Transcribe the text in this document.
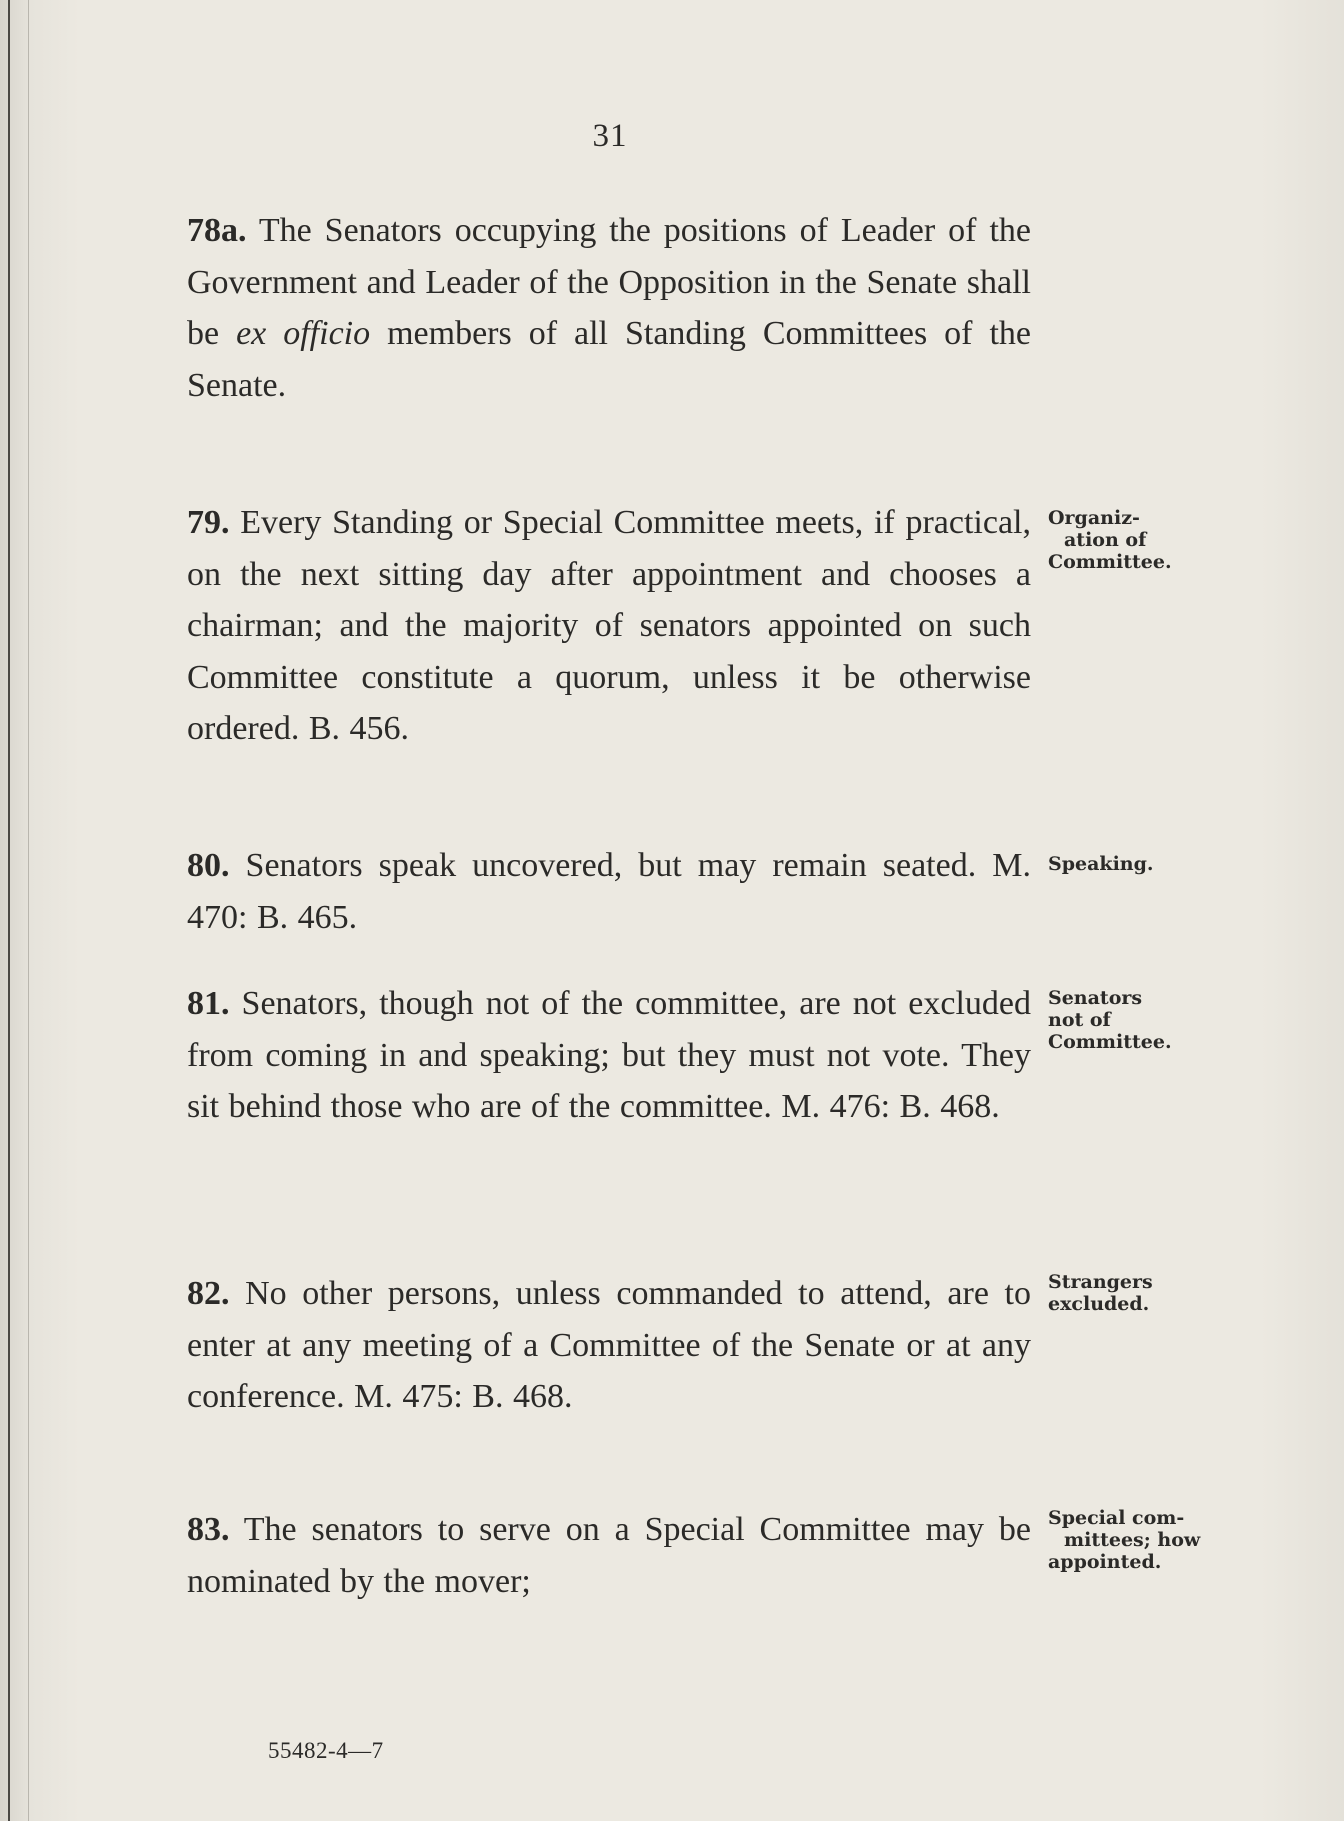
31
78a. The Senators occupying the positions of Leader of the Government and Leader of the Opposition in the Senate shall be ex officio members of all Standing Committees of the Senate.
79. Every Standing or Special Committee meets, if practical, on the next sitting day after appointment and chooses a chairman; and the majority of senators appointed on such Committee constitute a quorum, unless it be otherwise ordered. B. 456.
Organiz-
ation of
Committee.
80. Senators speak uncovered, but may remain seated. M. 470: B. 465.
Speaking.
81. Senators, though not of the committee, are not excluded from coming in and speaking; but they must not vote. They sit behind those who are of the committee. M. 476: B. 468.
Senators
not of
Committee.
82. No other persons, unless commanded to attend, are to enter at any meeting of a Committee of the Senate or at any conference. M. 475: B. 468.
Strangers
excluded.
83. The senators to serve on a Special Committee may be nominated by the mover;
Special com-
mittees; how
appointed.
55482-4—7
